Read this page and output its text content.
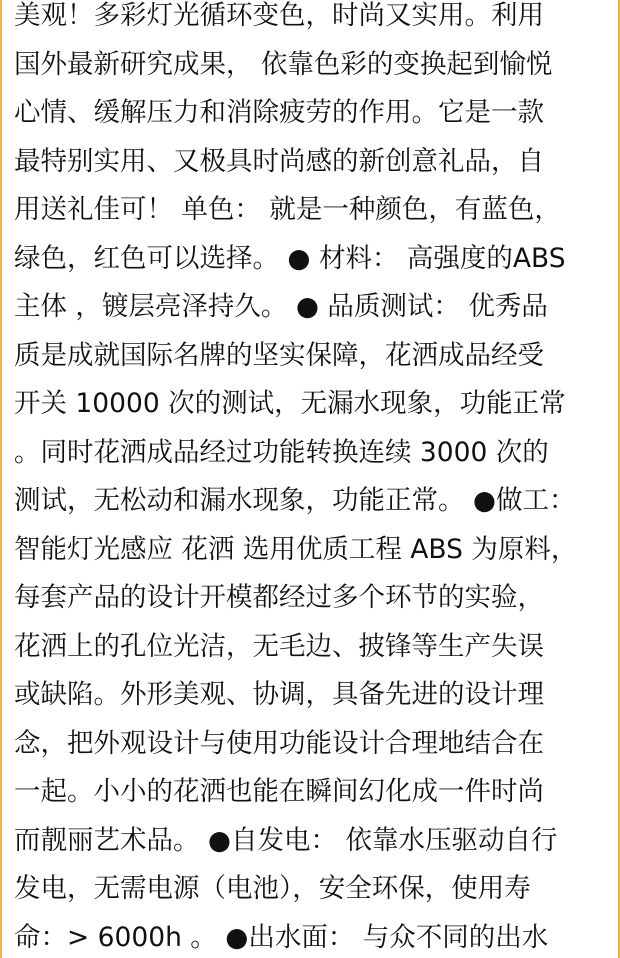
美观！多彩灯光循环变色，时尚又实用。利用
国外最新研究成果， 依靠色彩的变换起到愉悦
心情、缓解压力和消除疲劳的作用。它是一款
最特别实用、又极具时尚感的新创意礼品，自
用送礼佳可！ 单色： 就是一种颜色，有蓝色，
绿色，红色可以选择。 ● 材料： 高强度的ABS
主体 ，镀层亮泽持久。 ● 品质测试： 优秀品
质是成就国际名牌的坚实保障，花洒成品经受
开关 10000 次的测试，无漏水现象，功能正常
。同时花洒成品经过功能转换连续 3000 次的
测试，无松动和漏水现象，功能正常。 ●做工：
智能灯光感应 花洒 选用优质工程 ABS 为原料，
每套产品的设计开模都经过多个环节的实验，
花洒上的孔位光洁，无毛边、披锋等生产失误
或缺陷。外形美观、协调，具备先进的设计理
念，把外观设计与使用功能设计合理地结合在
一起。小小的花洒也能在瞬间幻化成一件时尚
而靓丽艺术品。 ●自发电： 依靠水压驱动自行
发电，无需电源（电池），安全环保，使用寿
命：> 6000h 。 ●出水面： 与众不同的出水
